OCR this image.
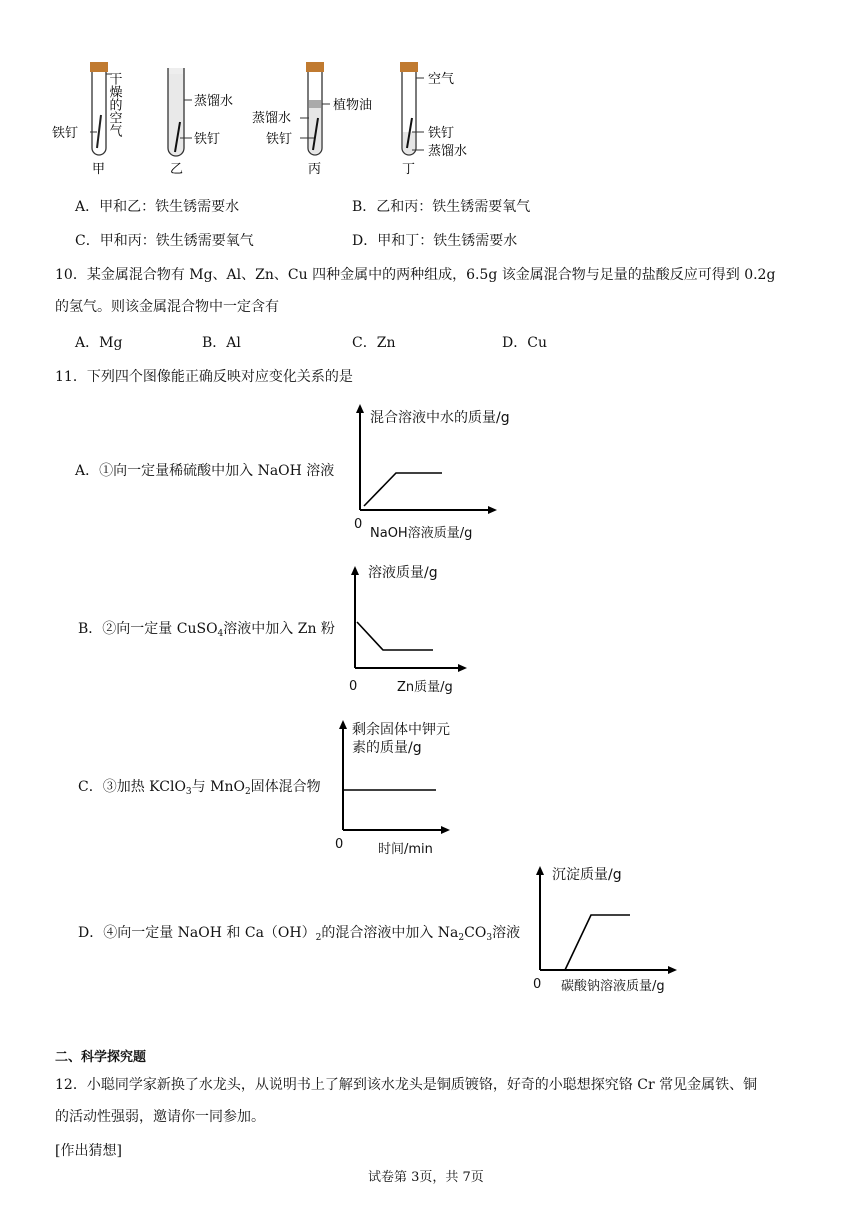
铁钉 干燥的空气
甲
蒸馏水
铁钉
乙
蒸馏水
植物油
铁钉
丙
空气
铁钉
蒸馏水
丁
A．甲和乙：铁生锈需要水	B．乙和丙：铁生锈需要氧气
C．甲和丙：铁生锈需要氧气	D．甲和丁：铁生锈需要水
10．某金属混合物有 Mg、Al、Zn、Cu 四种金属中的两种组成，6.5g 该金属混合物与足量的盐酸反应可得到 0.2g
的氢气。则该金属混合物中一定含有
A．Mg	B．Al	C．Zn	D．Cu
11．下列四个图像能正确反映对应变化关系的是
A．①向一定量稀硫酸中加入 NaOH 溶液
混合溶液中水的质量/g
0
NaOH溶液质量/g
B．②向一定量 CuSO$_4$溶液中加入 Zn 粉
溶液质量/g
0	Zn质量/g
C．③加热 KClO$_3$与 MnO$_2$固体混合物
剩余固体中钾元
素的质量/g
0	时间/min
D．④向一定量 NaOH 和 $Ca(OH)_2$的混合溶液中加入 $Na_2CO_3$溶液
沉淀质量/g
0 碳酸钠溶液质量/g
二、科学探究题
12．小聪同学家新换了水龙头，从说明书上了解到该水龙头是铜质镀铬，好奇的小聪想探究铬 Cr 常见金属铁、铜
的活动性强弱，邀请你一同参加。
[作出猜想]
试卷第 3页，共 7页
